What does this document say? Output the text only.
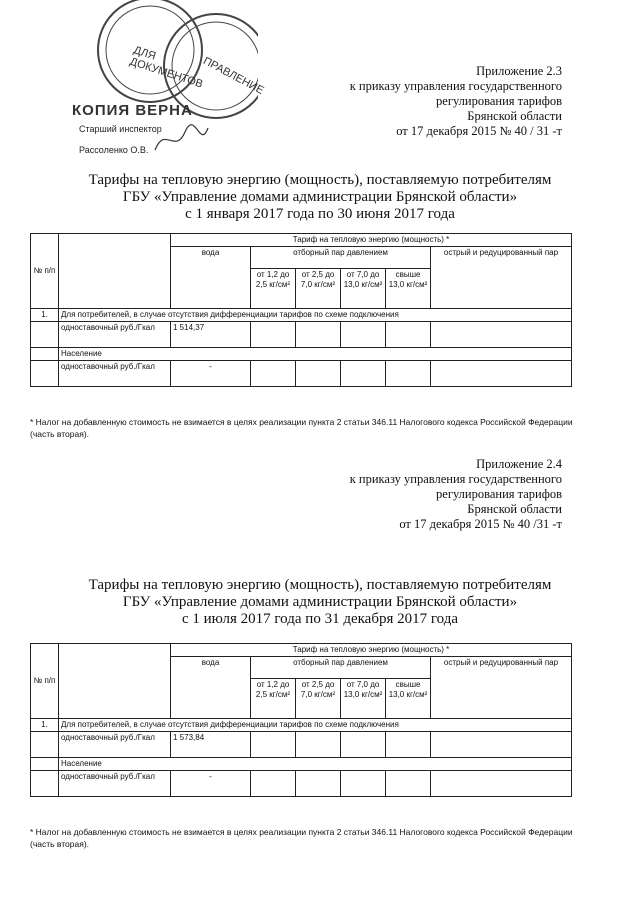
ДЛЯ ДОКУМЕНТОВ
ПРАВЛЕНИЕ
КОПИЯ ВЕРНА
Старший инспектор
Рассоленко О.В.
Приложение 2.3
к приказу управления государственного
регулирования тарифов
Брянской области
от 17 декабря 2015 № 40 / 31 -т
Тарифы на тепловую энергию (мощность), поставляемую потребителям
ГБУ «Управление домами администрации Брянской области»
с 1 января 2017 года по 30 июня 2017 года
№ п/п		Тариф на тепловую энергию (мощность) *					
		вода	отборный пар давлением				острый и редуцированный пар
			от 1,2 до 2,5 кг/см²	от 2,5 до 7,0 кг/см²	от 7,0 до 13,0 кг/см²	свыше 13,0 кг/см²	
1.	Для потребителей, в случае отсутствия дифференциации тарифов по схеме подключения						
	одноставочный руб./Гкал	1 514,37					
	Население						
	одноставочный руб./Гкал	-					
* Налог на добавленную стоимость не взимается в целях реализации пункта 2 статьи 346.11 Налогового кодекса Российской Федерации (часть вторая).
Приложение 2.4
к приказу управления государственного
регулирования тарифов
Брянской области
от 17 декабря 2015 № 40 /31 -т
Тарифы на тепловую энергию (мощность), поставляемую потребителям
ГБУ «Управление домами администрации Брянской области»
с 1 июля 2017 года по 31 декабря 2017 года
№ п/п		Тариф на тепловую энергию (мощность) *					
		вода	отборный пар давлением				острый и редуцированный пар
			от 1,2 до 2,5 кг/см²	от 2,5 до 7,0 кг/см²	от 7,0 до 13,0 кг/см²	свыше 13,0 кг/см²	
1.	Для потребителей, в случае отсутствия дифференциации тарифов по схеме подключения						
	одноставочный руб./Гкал	1 573,84					
	Население						
	одноставочный руб./Гкал	-					
* Налог на добавленную стоимость не взимается в целях реализации пункта 2 статьи 346.11 Налогового кодекса Российской Федерации (часть вторая).
